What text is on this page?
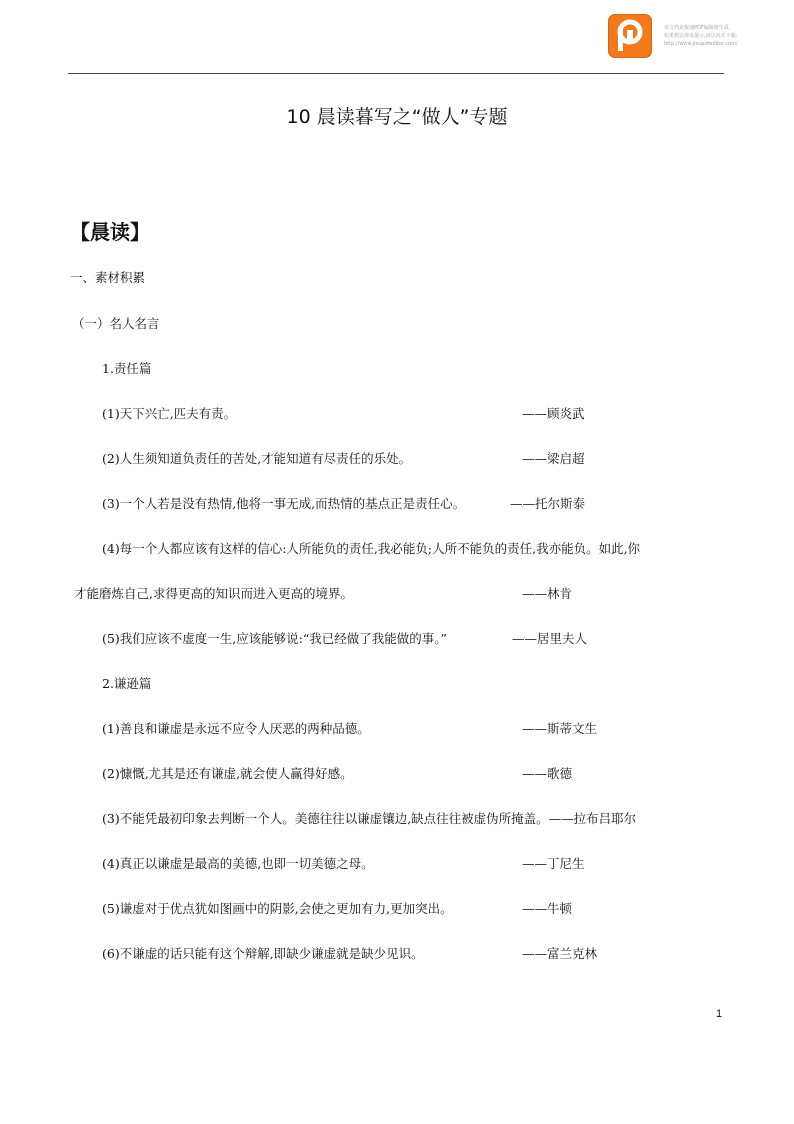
该文档是极速PDF编辑器生成,
如果想去掉该提示,请访问并下载:
http://www.jisupdfeditor.com/
10 晨读暮写之“做人”专题
【晨读】
一、素材积累
（一）名人名言
1.责任篇
(1)天下兴亡,匹夫有责。	——顾炎武
(2)人生须知道负责任的苦处,才能知道有尽责任的乐处。	——梁启超
(3)一个人若是没有热情,他将一事无成,而热情的基点正是责任心。	——托尔斯泰
(4)每一个人都应该有这样的信心:人所能负的责任,我必能负;人所不能负的责任,我亦能负。如此,你
才能磨炼自己,求得更高的知识而进入更高的境界。	——林肯
(5)我们应该不虚度一生,应该能够说:“我已经做了我能做的事。”	——居里夫人
2.谦逊篇
(1)善良和谦虚是永远不应令人厌恶的两种品德。	——斯蒂文生
(2)慷慨,尤其是还有谦虚,就会使人赢得好感。	——歌德
(3)不能凭最初印象去判断一个人。美德往往以谦虚镶边,缺点往往被虚伪所掩盖。——拉布吕耶尔
(4)真正以谦虚是最高的美德,也即一切美德之母。	——丁尼生
(5)谦虚对于优点犹如图画中的阴影,会使之更加有力,更加突出。	——牛顿
(6)不谦虚的话只能有这个辩解,即缺少谦虚就是缺少见识。	——富兰克林
1
